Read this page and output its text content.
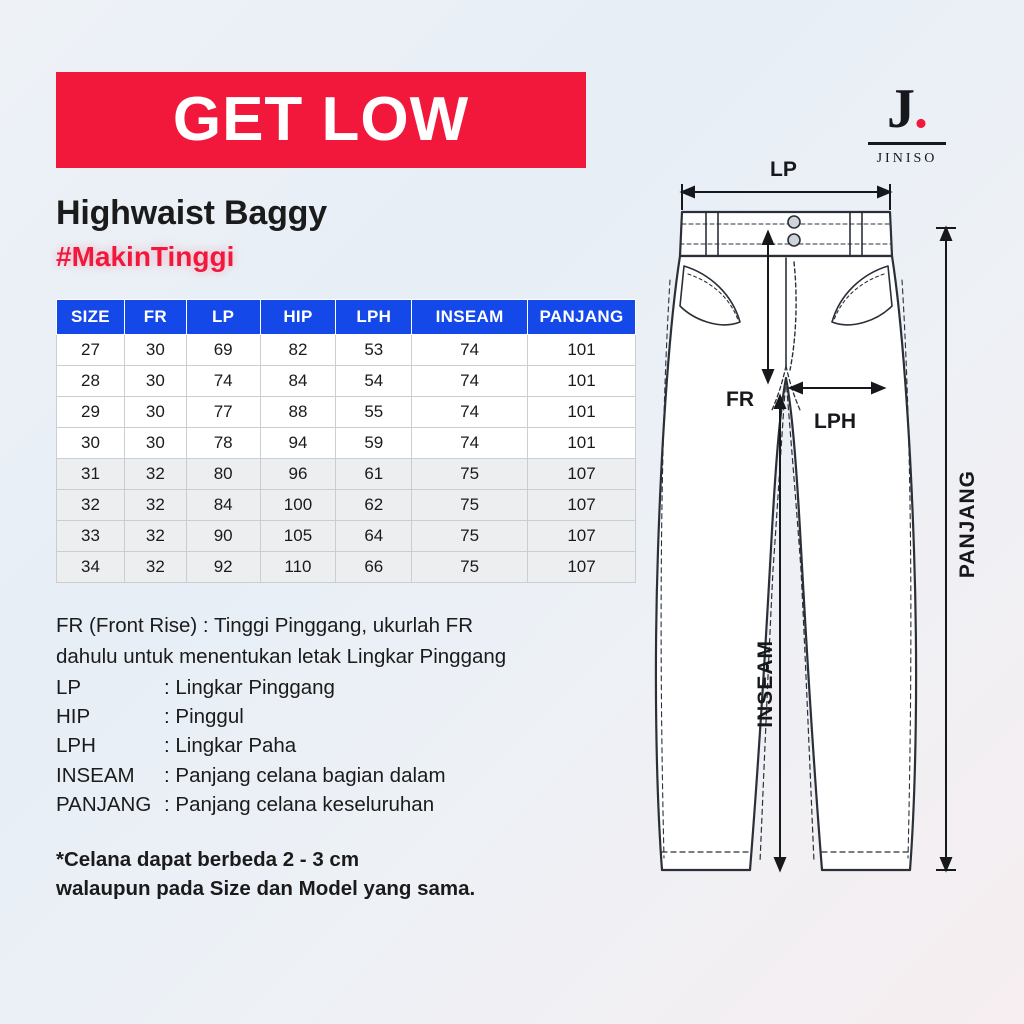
GET LOW
Highwaist Baggy
#MakinTinggi
SIZE	FR	LP	HIP	LPH	INSEAM	PANJANG
27	30	69	82	53	74	101
28	30	74	84	54	74	101
29	30	77	88	55	74	101
30	30	78	94	59	74	101
31	32	80	96	61	75	107
32	32	84	100	62	75	107
33	32	90	105	64	75	107
34	32	92	110	66	75	107
FR (Front Rise) : Tinggi Pinggang, ukurlah FR
dahulu untuk menentukan letak Lingkar Pinggang
LP	: Lingkar Pinggang
HIP	: Pinggul
LPH	: Lingkar Paha
INSEAM	: Panjang celana bagian dalam
PANJANG : Panjang celana keseluruhan
*Celana dapat berbeda 2 - 3 cm
walaupun pada Size dan Model yang sama.
J.
JINISO
LP
FR
LPH
PANJANG
INSEAM
